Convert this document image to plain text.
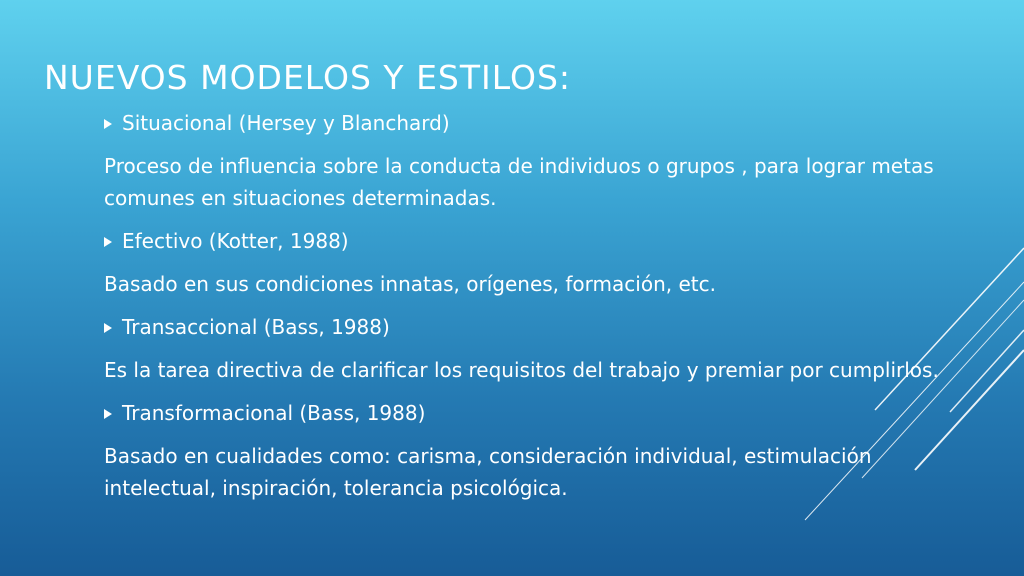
NUEVOS MODELOS Y ESTILOS:
Situacional (Hersey y Blanchard)

Proceso de influencia sobre la conducta de individuos o grupos , para lograr metas comunes en situaciones determinadas.

Efectivo (Kotter, 1988)

Basado en sus condiciones innatas, orígenes, formación, etc.

Transaccional (Bass, 1988)

Es la tarea directiva de clarificar los requisitos del trabajo y premiar por cumplirlos.

Transformacional (Bass, 1988)

Basado en cualidades como: carisma, consideración individual, estimulación intelectual, inspiración, tolerancia psicológica.
